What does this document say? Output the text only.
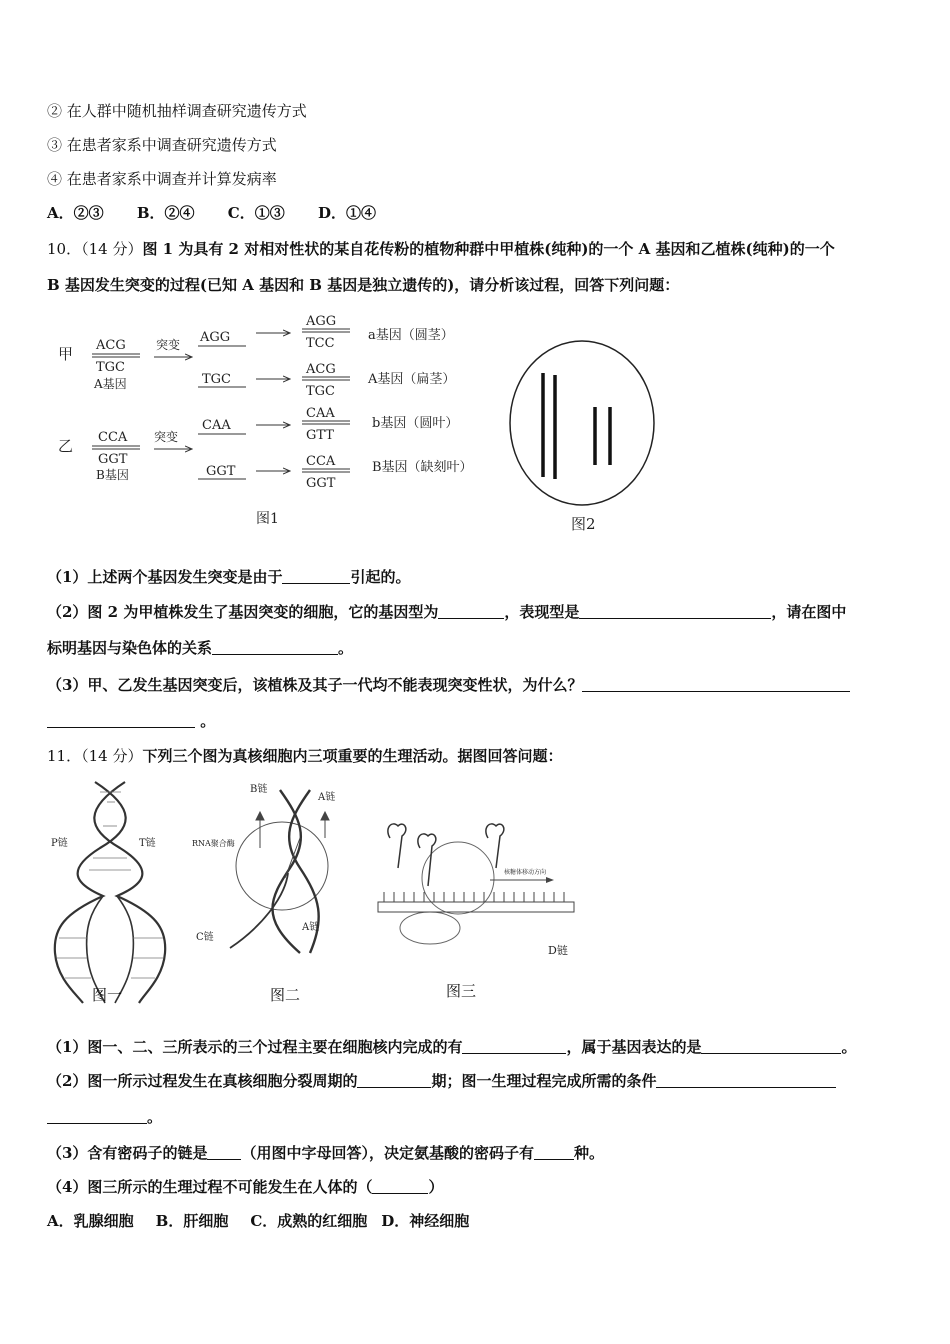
② 在人群中随机抽样调查研究遗传方式
③ 在患者家系中调查研究遗传方式
④ 在患者家系中调查并计算发病率
A．②③ B．②④ C．①③ D．①④
10．（14 分）图 1 为具有 2 对相对性状的某自花传粉的植物种群中甲植株(纯种)的一个 A 基因和乙植株(纯种)的一个
B 基因发生突变的过程(已知 A 基因和 B 基因是独立遗传的)，请分析该过程，回答下列问题：
甲
乙
ACG
TGC
A基因
突变 AGG
AGG
TCC
a基因（圆茎）
TGC
ACG
TGC
A基因（扁茎）
CCA
GGT
B基因
突变
CAA
CAA
GTT
b基因（圆叶）
GGT
CCA
GGT
B基因（缺刻叶）
图1	图2
（1）上述两个基因发生突变是由于	引起的。
（2）图 2 为甲植株发生了基因突变的细胞，它的基因型为	，表现型是	，请在图中
标明基因与染色体的关系	。
（3）甲、乙发生基因突变后，该植株及其子一代均不能表现突变性状，为什么？
。
11．（14 分）下列三个图为真核细胞内三项重要的生理活动。据图回答问题：
P链	T链
图一
B链
A链
RNA聚合酶
C链
A链
图二
核糖体移动方向
D链
图三
（1）图一、二、三所表示的三个过程主要在细胞核内完成的有	，属于基因表达的是	。
（2）图一所示过程发生在真核细胞分裂周期的	期；图一生理过程完成所需的条件
。
（3）含有密码子的链是 （用图中字母回答），决定氨基酸的密码子有	种。
（4）图三所示的生理过程不可能发生在人体的（	）
A．乳腺细胞 B．肝细胞 C．成熟的红细胞 D．神经细胞
